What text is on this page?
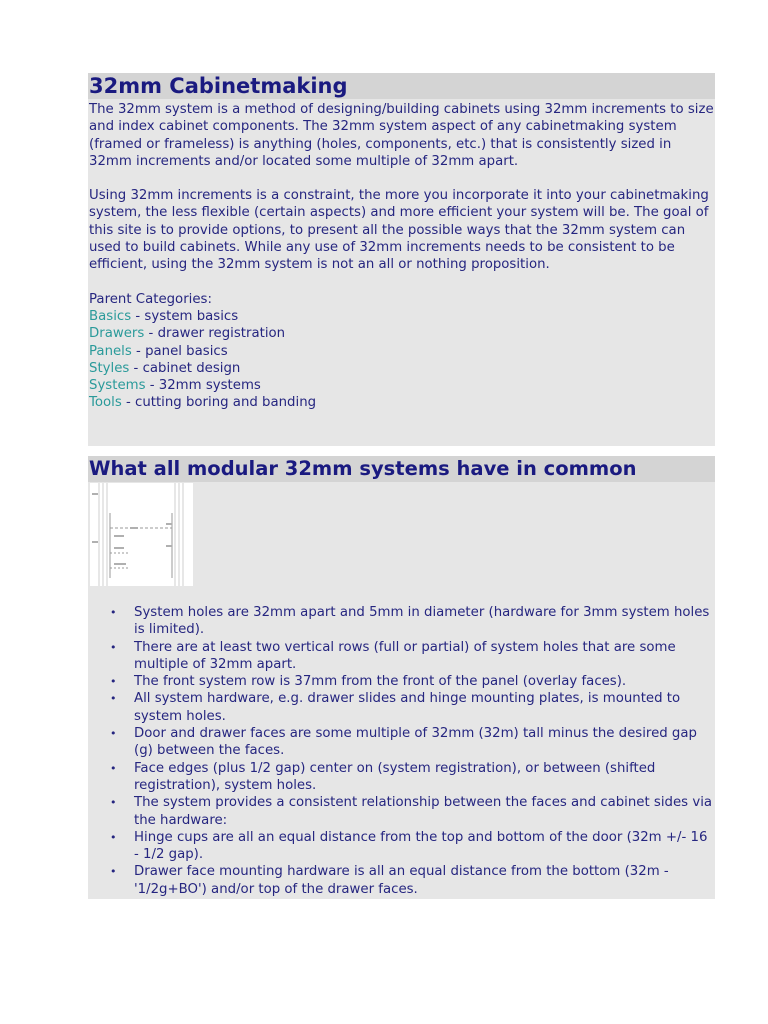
32mm Cabinetmaking

The 32mm system is a method of designing/building cabinets using 32mm increments to size and index cabinet components. The 32mm system aspect of any cabinetmaking system (framed or frameless) is anything (holes, components, etc.) that is consistently sized in 32mm increments and/or located some multiple of 32mm apart.

Using 32mm increments is a constraint, the more you incorporate it into your cabinetmaking system, the less flexible (certain aspects) and more efficient your system will be. The goal of this site is to provide options, to present all the possible ways that the 32mm system can used to build cabinets. While any use of 32mm increments needs to be consistent to be efficient, using the 32mm system is not an all or nothing proposition.

Parent Categories:
Basics - system basics
Drawers - drawer registration
Panels - panel basics
Styles - cabinet design
Systems - 32mm systems
Tools - cutting boring and banding
What all modular 32mm systems have in common
• System holes are 32mm apart and 5mm in diameter (hardware for 3mm system holes is limited).
• There are at least two vertical rows (full or partial) of system holes that are some multiple of 32mm apart.
• The front system row is 37mm from the front of the panel (overlay faces).
• All system hardware, e.g. drawer slides and hinge mounting plates, is mounted to system holes.
• Door and drawer faces are some multiple of 32mm (32m) tall minus the desired gap (g) between the faces.
• Face edges (plus 1/2 gap) center on (system registration), or between (shifted registration), system holes.
• The system provides a consistent relationship between the faces and cabinet sides via the hardware:
• Hinge cups are all an equal distance from the top and bottom of the door (32m +/- 16 - 1/2 gap).
• Drawer face mounting hardware is all an equal distance from the bottom (32m - '1/2g+BO') and/or top of the drawer faces.
